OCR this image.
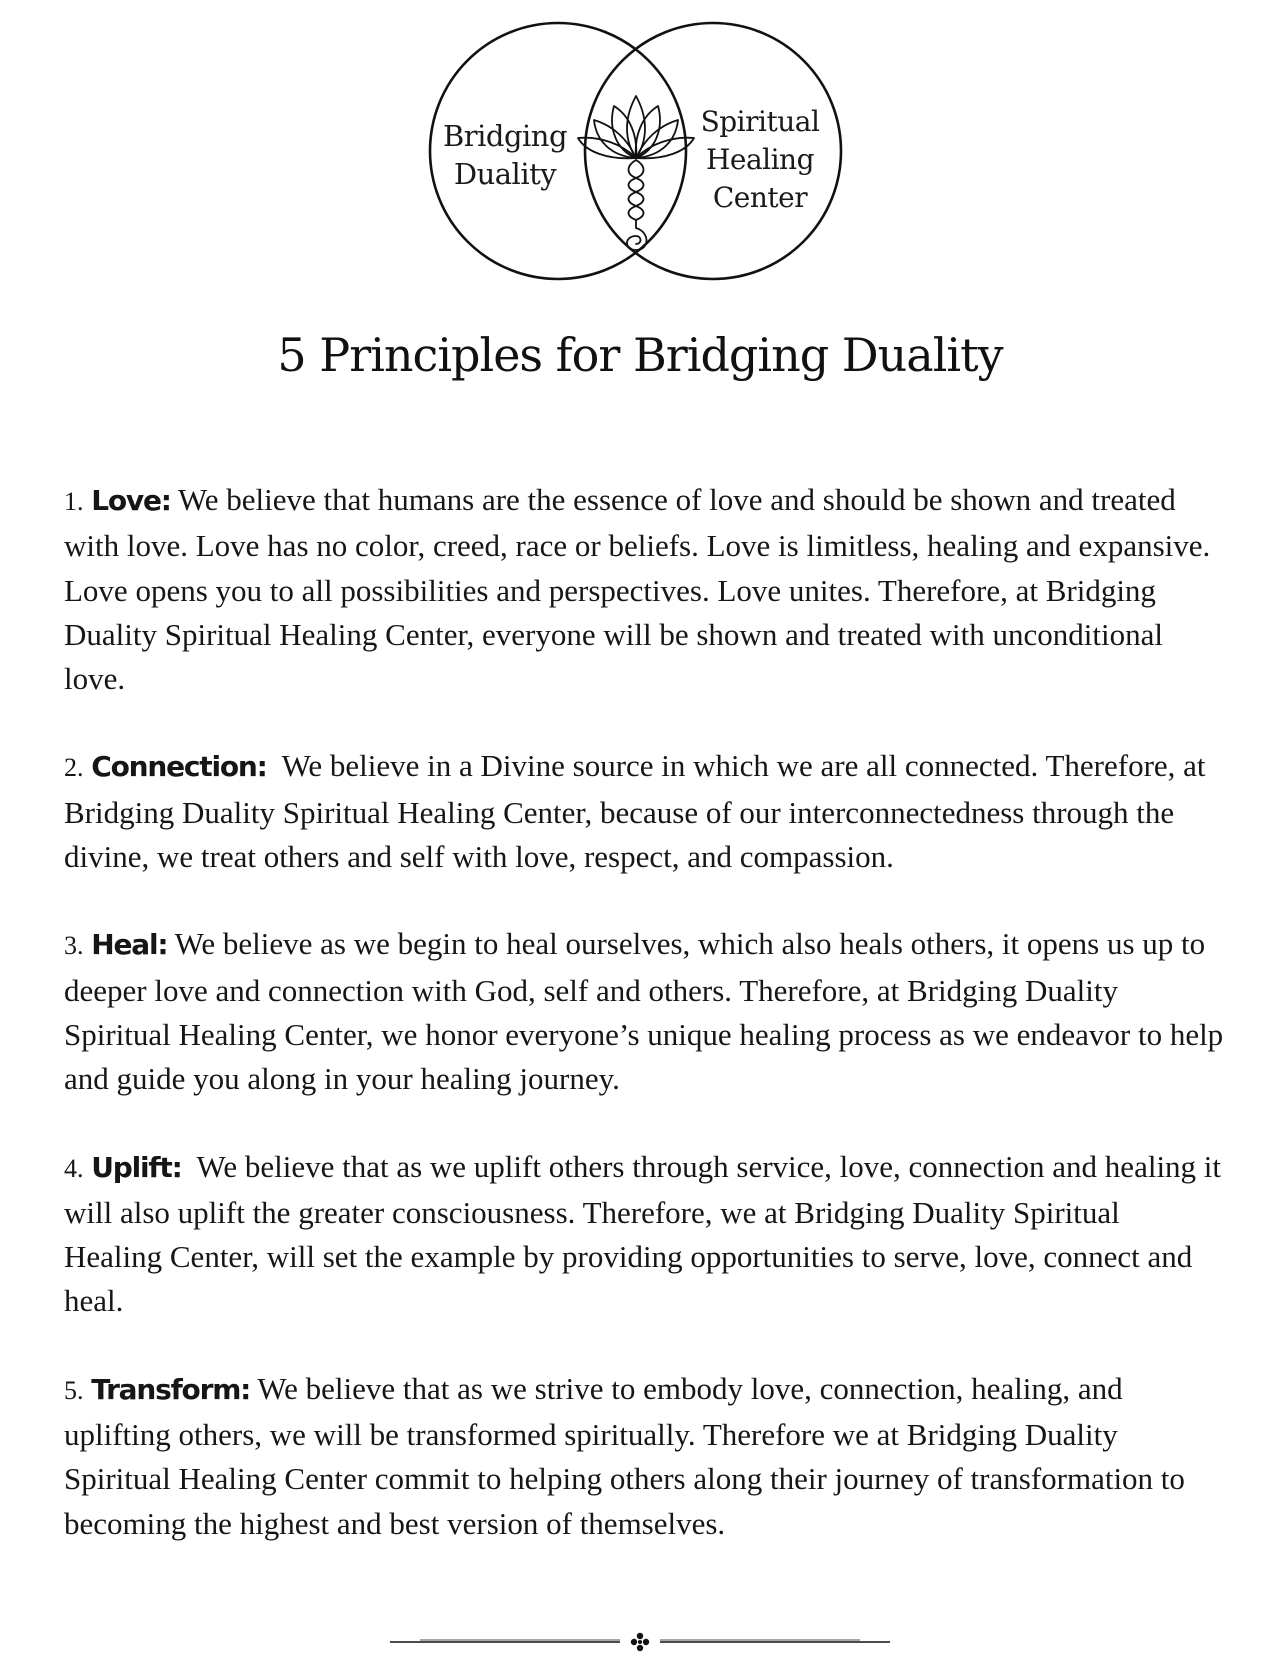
Bridging
Duality
Spiritual
Healing
Center
5 Principles for Bridging Duality

1. Love: We believe that humans are the essence of love and should be shown and treated with love. Love has no color, creed, race or beliefs. Love is limitless, healing and expansive. Love opens you to all possibilities and perspectives. Love unites. Therefore, at Bridging Duality Spiritual Healing Center, everyone will be shown and treated with unconditional love.

2. Connection: We believe in a Divine source in which we are all connected. Therefore, at Bridging Duality Spiritual Healing Center, because of our interconnectedness through the divine, we treat others and self with love, respect, and compassion.

3. Heal: We believe as we begin to heal ourselves, which also heals others, it opens us up to deeper love and connection with God, self and others. Therefore, at Bridging Duality Spiritual Healing Center, we honor everyone’s unique healing process as we endeavor to help and guide you along in your healing journey.

4. Uplift: We believe that as we uplift others through service, love, connection and healing it will also uplift the greater consciousness. Therefore, we at Bridging Duality Spiritual Healing Center, will set the example by providing opportunities to serve, love, connect and heal.

5. Transform: We believe that as we strive to embody love, connection, healing, and uplifting others, we will be transformed spiritually. Therefore we at Bridging Duality Spiritual Healing Center commit to helping others along their journey of transformation to becoming the highest and best version of themselves.
